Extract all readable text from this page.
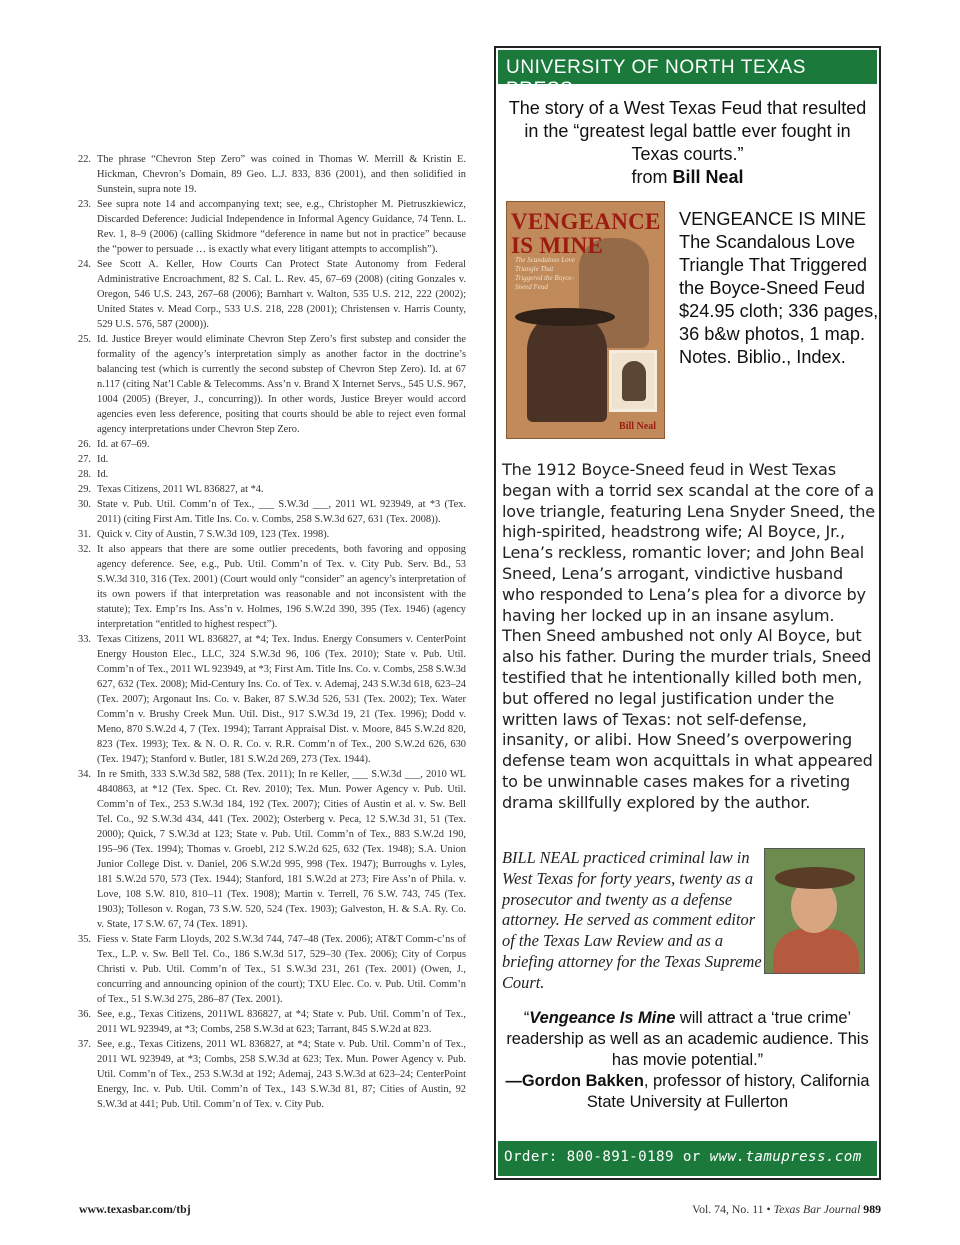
22. The phrase “Chevron Step Zero” was coined in Thomas W. Merrill & Kristin E. Hickman, Chevron’s Domain, 89 Geo. L.J. 833, 836 (2001), and then solidified in Sunstein, supra note 19.
23. See supra note 14 and accompanying text; see, e.g., Christopher M. Pietruszkiewicz, Discarded Deference: Judicial Independence in Informal Agency Guidance, 74 Tenn. L. Rev. 1, 8–9 (2006) (calling Skidmore “deference in name but not in practice” because the “power to persuade … is exactly what every litigant attempts to accomplish”).
24. See Scott A. Keller, How Courts Can Protect State Autonomy from Federal Administrative Encroachment, 82 S. Cal. L. Rev. 45, 67–69 (2008) (citing Gonzales v. Oregon, 546 U.S. 243, 267–68 (2006); Barnhart v. Walton, 535 U.S. 212, 222 (2002); United States v. Mead Corp., 533 U.S. 218, 228 (2001); Christensen v. Harris County, 529 U.S. 576, 587 (2000)).
25. Id. Justice Breyer would eliminate Chevron Step Zero’s first substep and consider the formality of the agency’s interpretation simply as another factor in the doctrine’s balancing test (which is currently the second substep of Chevron Step Zero). Id. at 67 n.117 (citing Nat’l Cable & Telecomms. Ass’n v. Brand X Internet Servs., 545 U.S. 967, 1004 (2005) (Breyer, J., concurring)). In other words, Justice Breyer would accord agencies even less deference, positing that courts should be able to reject even formal agency interpretations under Chevron Step Zero.
26. Id. at 67–69.
27. Id.
28. Id.
29. Texas Citizens, 2011 WL 836827, at *4.
30. State v. Pub. Util. Comm’n of Tex., ___ S.W.3d ___, 2011 WL 923949, at *3 (Tex. 2011) (citing First Am. Title Ins. Co. v. Combs, 258 S.W.3d 627, 631 (Tex. 2008)).
31. Quick v. City of Austin, 7 S.W.3d 109, 123 (Tex. 1998).
32. It also appears that there are some outlier precedents, both favoring and opposing agency deference. See, e.g., Pub. Util. Comm’n of Tex. v. City Pub. Serv. Bd., 53 S.W.3d 310, 316 (Tex. 2001) (Court would only “consider” an agency’s interpretation of its own powers if that interpretation was reasonable and not inconsistent with the statute); Tex. Emp’rs Ins. Ass’n v. Holmes, 196 S.W.2d 390, 395 (Tex. 1946) (agency interpretation “entitled to highest respect”).
33. Texas Citizens, 2011 WL 836827, at *4; Tex. Indus. Energy Consumers v. CenterPoint Energy Houston Elec., LLC, 324 S.W.3d 96, 106 (Tex. 2010); State v. Pub. Util. Comm’n of Tex., 2011 WL 923949, at *3; First Am. Title Ins. Co. v. Combs, 258 S.W.3d 627, 632 (Tex. 2008); Mid-Century Ins. Co. of Tex. v. Ademaj, 243 S.W.3d 618, 623–24 (Tex. 2007); Argonaut Ins. Co. v. Baker, 87 S.W.3d 526, 531 (Tex. 2002); Tex. Water Comm’n v. Brushy Creek Mun. Util. Dist., 917 S.W.3d 19, 21 (Tex. 1996); Dodd v. Meno, 870 S.W.2d 4, 7 (Tex. 1994); Tarrant Appraisal Dist. v. Moore, 845 S.W.2d 820, 823 (Tex. 1993); Tex. & N. O. R. Co. v. R.R. Comm’n of Tex., 200 S.W.2d 626, 630 (Tex. 1947); Stanford v. Butler, 181 S.W.2d 269, 273 (Tex. 1944).
34. In re Smith, 333 S.W.3d 582, 588 (Tex. 2011); In re Keller, ___ S.W.3d ___, 2010 WL 4840863, at *12 (Tex. Spec. Ct. Rev. 2010); Tex. Mun. Power Agency v. Pub. Util. Comm’n of Tex., 253 S.W.3d 184, 192 (Tex. 2007); Cities of Austin et al. v. Sw. Bell Tel. Co., 92 S.W.3d 434, 441 (Tex. 2002); Osterberg v. Peca, 12 S.W.3d 31, 51 (Tex. 2000); Quick, 7 S.W.3d at 123; State v. Pub. Util. Comm’n of Tex., 883 S.W.2d 190, 195–96 (Tex. 1994); Thomas v. Groebl, 212 S.W.2d 625, 632 (Tex. 1948); S.A. Union Junior College Dist. v. Daniel, 206 S.W.2d 995, 998 (Tex. 1947); Burroughs v. Lyles, 181 S.W.2d 570, 573 (Tex. 1944); Stanford, 181 S.W.2d at 273; Fire Ass’n of Phila. v. Love, 108 S.W. 810, 810–11 (Tex. 1908); Martin v. Terrell, 76 S.W. 743, 745 (Tex. 1903); Tolleson v. Rogan, 73 S.W. 520, 524 (Tex. 1903); Galveston, H. & S.A. Ry. Co. v. State, 17 S.W. 67, 74 (Tex. 1891).
35. Fiess v. State Farm Lloyds, 202 S.W.3d 744, 747–48 (Tex. 2006); AT&T Comm-c’ns of Tex., L.P. v. Sw. Bell Tel. Co., 186 S.W.3d 517, 529–30 (Tex. 2006); City of Corpus Christi v. Pub. Util. Comm’n of Tex., 51 S.W.3d 231, 261 (Tex. 2001) (Owen, J., concurring and announcing opinion of the court); TXU Elec. Co. v. Pub. Util. Comm’n of Tex., 51 S.W.3d 275, 286–87 (Tex. 2001).
36. See, e.g., Texas Citizens, 2011WL 836827, at *4; State v. Pub. Util. Comm’n of Tex., 2011 WL 923949, at *3; Combs, 258 S.W.3d at 623; Tarrant, 845 S.W.2d at 823.
37. See, e.g., Texas Citizens, 2011 WL 836827, at *4; State v. Pub. Util. Comm’n of Tex., 2011 WL 923949, at *3; Combs, 258 S.W.3d at 623; Tex. Mun. Power Agency v. Pub. Util. Comm’n of Tex., 253 S.W.3d at 192; Ademaj, 243 S.W.3d at 623–24; CenterPoint Energy, Inc. v. Pub. Util. Comm’n of Tex., 143 S.W.3d 81, 87; Cities of Austin, 92 S.W.3d at 441; Pub. Util. Comm’n of Tex. v. City Pub.
UNIVERSITY OF NORTH TEXAS PRESS
The story of a West Texas Feud that resulted in the “greatest legal battle ever fought in Texas courts.”
from Bill Neal
VENGEANCE IS MINE
The Scandalous Love Triangle That Triggered the Boyce-Sneed Feud
Bill Neal
VENGEANCE IS MINE The Scandalous Love Triangle That Triggered the Boyce-Sneed Feud $24.95 cloth; 336 pages, 36 b&w photos, 1 map. Notes. Biblio., Index.
The 1912 Boyce-Sneed feud in West Texas began with a torrid sex scandal at the core of a love triangle, featuring Lena Snyder Sneed, the high-spirited, headstrong wife; Al Boyce, Jr., Lena’s reckless, romantic lover; and John Beal Sneed, Lena’s arrogant, vindictive husband who responded to Lena’s plea for a divorce by having her locked up in an insane asylum. Then Sneed ambushed not only Al Boyce, but also his father. During the murder trials, Sneed testified that he intentionally killed both men, but offered no legal justification under the written laws of Texas: not self-defense, insanity, or alibi. How Sneed’s overpowering defense team won acquittals in what appeared to be unwinnable cases makes for a riveting drama skillfully explored by the author.
BILL NEAL practiced criminal law in West Texas for forty years, twenty as a prosecutor and twenty as a defense attorney. He served as comment editor of the Texas Law Review and as a briefing attorney for the Texas Supreme Court.
“Vengeance Is Mine will attract a ‘true crime’ readership as well as an academic audience. This has movie potential.”
—Gordon Bakken, professor of history, California State University at Fullerton
Order: 800-891-0189 or www.tamupress.com
www.texasbar.com/tbj	Vol. 74, No. 11 • Texas Bar Journal 989
